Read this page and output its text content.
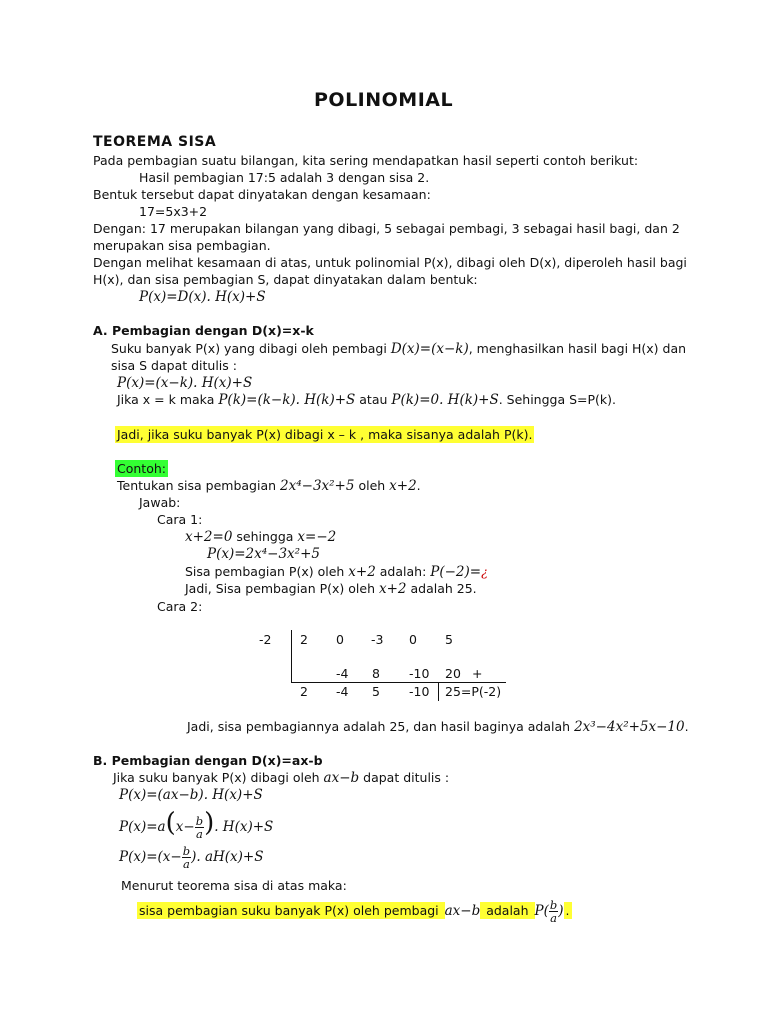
POLINOMIAL
TEOREMA SISA
Pada pembagian suatu bilangan, kita sering mendapatkan hasil seperti contoh berikut:
Hasil pembagian 17:5 adalah 3 dengan sisa 2.
Bentuk tersebut dapat dinyatakan dengan kesamaan:
17=5x3+2
Dengan: 17 merupakan bilangan yang dibagi, 5 sebagai pembagi, 3 sebagai hasil bagi, dan 2
merupakan sisa pembagian.
Dengan melihat kesamaan di atas, untuk polinomial P(x), dibagi oleh D(x), diperoleh hasil bagi
H(x), dan sisa pembagian S, dapat dinyatakan dalam bentuk:
P(x)=D(x). H(x)+S
A. Pembagian dengan D(x)=x-k
Suku banyak P(x) yang dibagi oleh pembagi D(x)=(x−k), menghasilkan hasil bagi H(x) dan
sisa S dapat ditulis :
P(x)=(x−k). H(x)+S
Jika x = k maka P(k)=(k−k). H(k)+S atau P(k)=0. H(k)+S. Sehingga S=P(k).
Jadi, jika suku banyak P(x) dibagi x – k , maka sisanya adalah P(k).
Contoh:
Tentukan sisa pembagian 2x⁴−3x²+5 oleh x+2.
Jawab:
Cara 1:
x+2=0 sehingga x=−2
P(x)=2x⁴−3x²+5
Sisa pembagian P(x) oleh x+2 adalah: P(−2)=¿
Jadi, Sisa pembagian P(x) oleh x+2 adalah 25.
Cara 2:
-2 2 0 -3 0 5
-4 8 -10 20 +
2 -4 5 -10 25=P(-2)
Jadi, sisa pembagiannya adalah 25, dan hasil baginya adalah 2x³−4x²+5x−10.
B. Pembagian dengan D(x)=ax-b
Jika suku banyak P(x) dibagi oleh ax−b dapat ditulis :
P(x)=(ax−b). H(x)+S
$P(x)=a(x- \frac{b}{a}$ ). H(x)+S
$P(x)=(x- \frac{b}{a}$ ). aH(x)+S
Menurut teorema sisa di atas maka:
sisa pembagian suku banyak P(x) oleh pembagi ax−b adalah $P( \frac{b}{a}$ ) .
